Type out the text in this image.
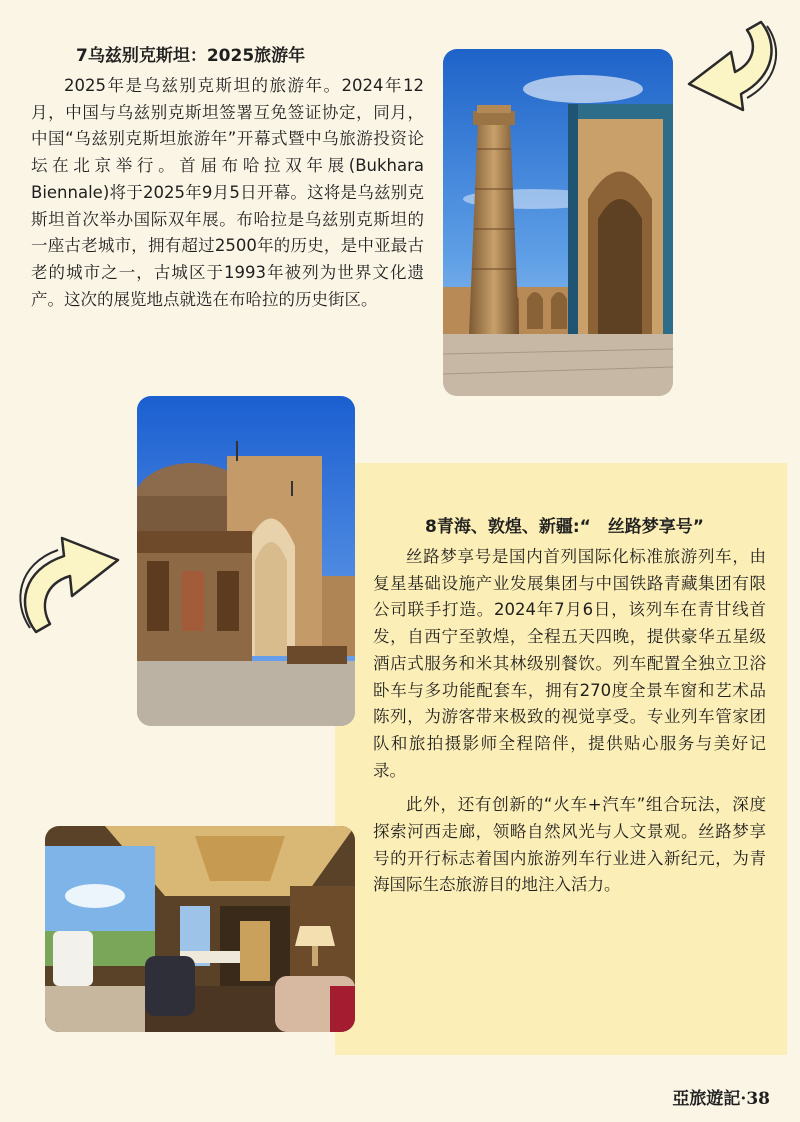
7乌兹别克斯坦：2025旅游年

2025年是乌兹别克斯坦的旅游年。2024年12月，中国与乌兹别克斯坦签署互免签证协定，同月，中国“乌兹别克斯坦旅游年”开幕式暨中乌旅游投资论坛在北京举行。首届布哈拉双年展(Bukhara Biennale)将于2025年9月5日开幕。这将是乌兹别克斯坦首次举办国际双年展。布哈拉是乌兹别克斯坦的一座古老城市，拥有超过2500年的历史，是中亚最古老的城市之一，古城区于1993年被列为世界文化遗产。这次的展览地点就选在布哈拉的历史街区。

8青海、敦煌、新疆:“　丝路梦享号”

丝路梦享号是国内首列国际化标准旅游列车，由复星基础设施产业发展集团与中国铁路青藏集团有限公司联手打造。2024年7月6日，该列车在青甘线首发，自西宁至敦煌，全程五天四晚，提供豪华五星级酒店式服务和米其林级别餐饮。列车配置全独立卫浴卧车与多功能配套车，拥有270度全景车窗和艺术品陈列，为游客带来极致的视觉享受。专业列车管家团队和旅拍摄影师全程陪伴，提供贴心服务与美好记录。

此外，还有创新的“火车+汽车”组合玩法，深度探索河西走廊，领略自然风光与人文景观。丝路梦享号的开行标志着国内旅游列车行业进入新纪元，为青海国际生态旅游目的地注入活力。

亞旅遊記·38
